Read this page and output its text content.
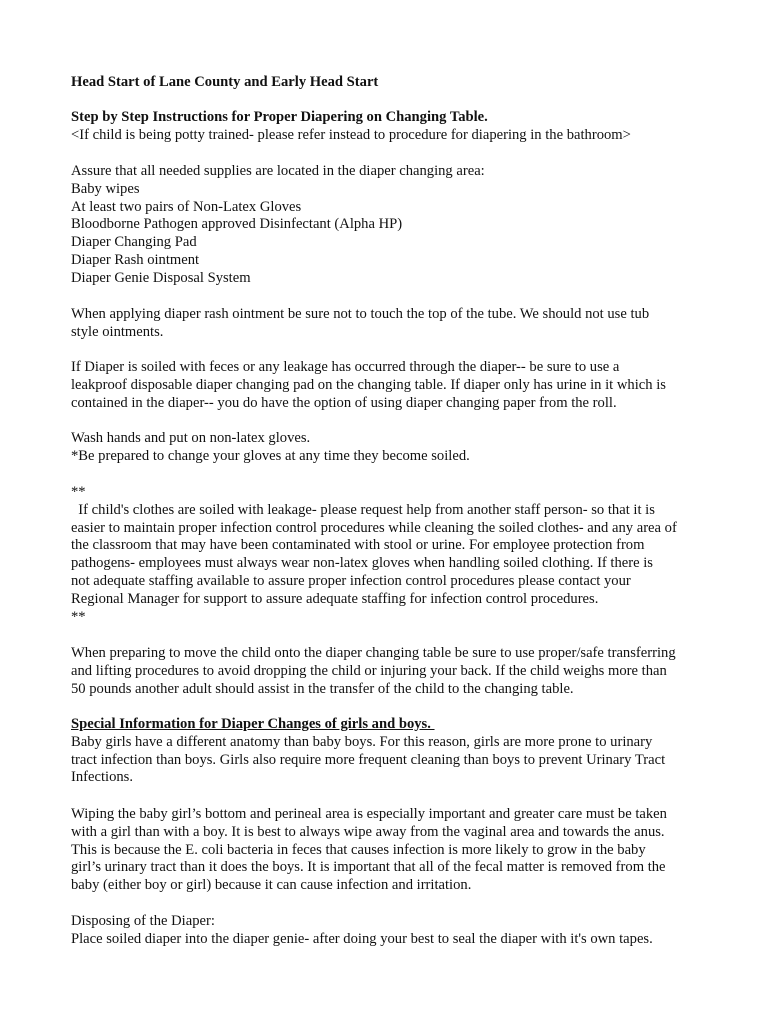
Head Start of Lane County and Early Head Start

Step by Step Instructions for Proper Diapering on Changing Table.
<If child is being potty trained- please refer instead to procedure for diapering in the bathroom>
Assure that all needed supplies are located in the diaper changing area:
Baby wipes
At least two pairs of Non-Latex Gloves
Bloodborne Pathogen approved Disinfectant (Alpha HP)
Diaper Changing Pad
Diaper Rash ointment
Diaper Genie Disposal System
When applying diaper rash ointment be sure not to touch the top of the tube. We should not use tub
style ointments.
If Diaper is soiled with feces or any leakage has occurred through the diaper-- be sure to use a
leakproof disposable diaper changing pad on the changing table. If diaper only has urine in it which is
contained in the diaper-- you do have the option of using diaper changing paper from the roll.
Wash hands and put on non-latex gloves.
*Be prepared to change your gloves at any time they become soiled.
**
If child's clothes are soiled with leakage- please request help from another staff person- so that it is
easier to maintain proper infection control procedures while cleaning the soiled clothes- and any area of
the classroom that may have been contaminated with stool or urine. For employee protection from
pathogens- employees must always wear non-latex gloves when handling soiled clothing. If there is
not adequate staffing available to assure proper infection control procedures please contact your
Regional Manager for support to assure adequate staffing for infection control procedures.
**
When preparing to move the child onto the diaper changing table be sure to use proper/safe transferring
and lifting procedures to avoid dropping the child or injuring your back. If the child weighs more than
50 pounds another adult should assist in the transfer of the child to the changing table.
Special Information for Diaper Changes of girls and boys.
Baby girls have a different anatomy than baby boys. For this reason, girls are more prone to urinary
tract infection than boys. Girls also require more frequent cleaning than boys to prevent Urinary Tract
Infections.
Wiping the baby girl’s bottom and perineal area is especially important and greater care must be taken
with a girl than with a boy. It is best to always wipe away from the vaginal area and towards the anus.
This is because the E. coli bacteria in feces that causes infection is more likely to grow in the baby
girl’s urinary tract than it does the boys. It is important that all of the fecal matter is removed from the
baby (either boy or girl) because it can cause infection and irritation.
Disposing of the Diaper:
Place soiled diaper into the diaper genie- after doing your best to seal the diaper with it's own tapes.
